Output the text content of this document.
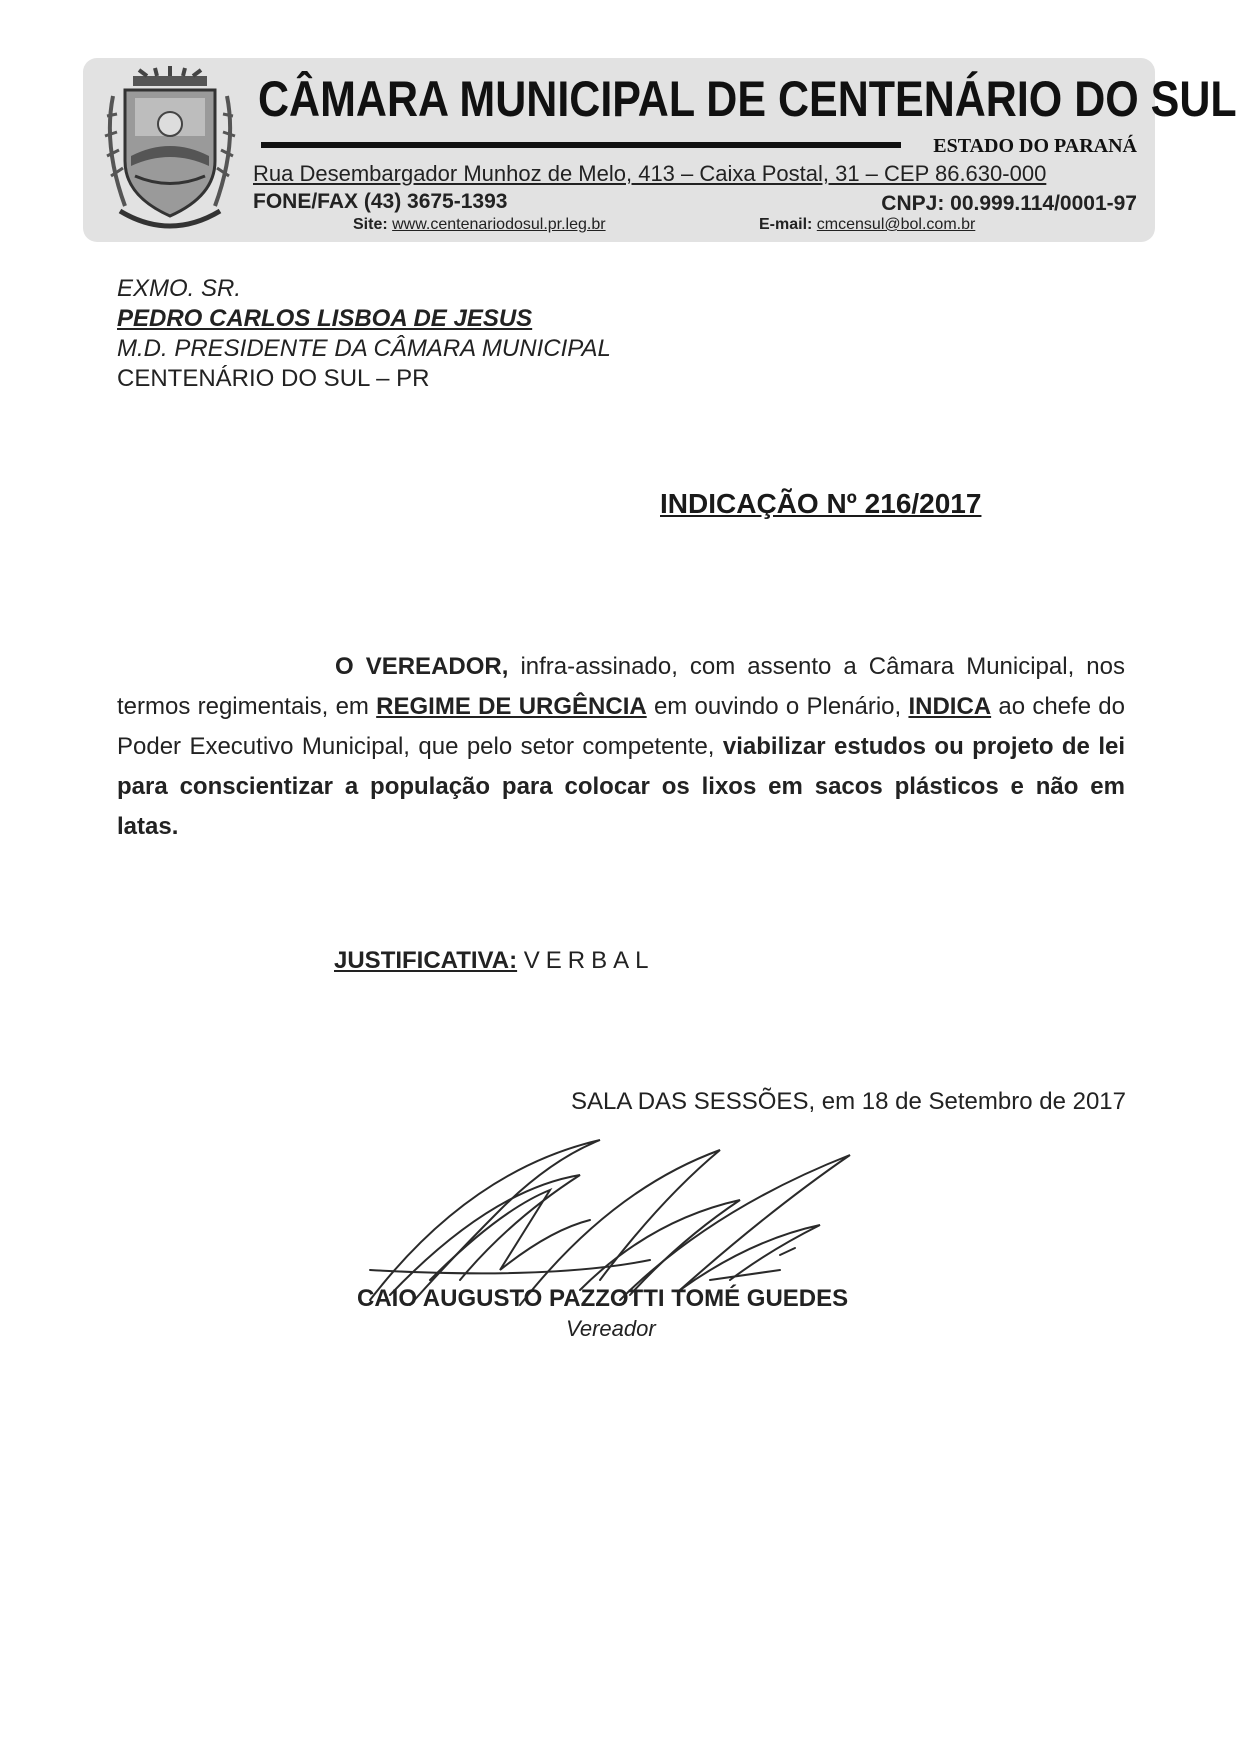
CÂMARA MUNICIPAL DE CENTENÁRIO DO SUL
ESTADO DO PARANÁ
Rua Desembargador Munhoz de Melo, 413 – Caixa Postal, 31 – CEP 86.630-000
FONE/FAX (43) 3675-1393	CNPJ: 00.999.114/0001-97
Site: www.centenariodosul.pr.leg.br	E-mail: cmcensul@bol.com.br
EXMO. SR.
PEDRO CARLOS LISBOA DE JESUS
M.D. PRESIDENTE DA CÂMARA MUNICIPAL
CENTENÁRIO DO SUL – PR
INDICAÇÃO Nº 216/2017
O VEREADOR, infra-assinado, com assento a Câmara Municipal, nos termos regimentais, em REGIME DE URGÊNCIA em ouvindo o Plenário, INDICA ao chefe do Poder Executivo Municipal, que pelo setor competente, viabilizar estudos ou projeto de lei para conscientizar a população para colocar os lixos em sacos plásticos e não em latas.
JUSTIFICATIVA: VERBAL
SALA DAS SESSÕES, em 18 de Setembro de 2017
CAIO AUGUSTO PAZZOTTI TOMÉ GUEDES
Vereador
